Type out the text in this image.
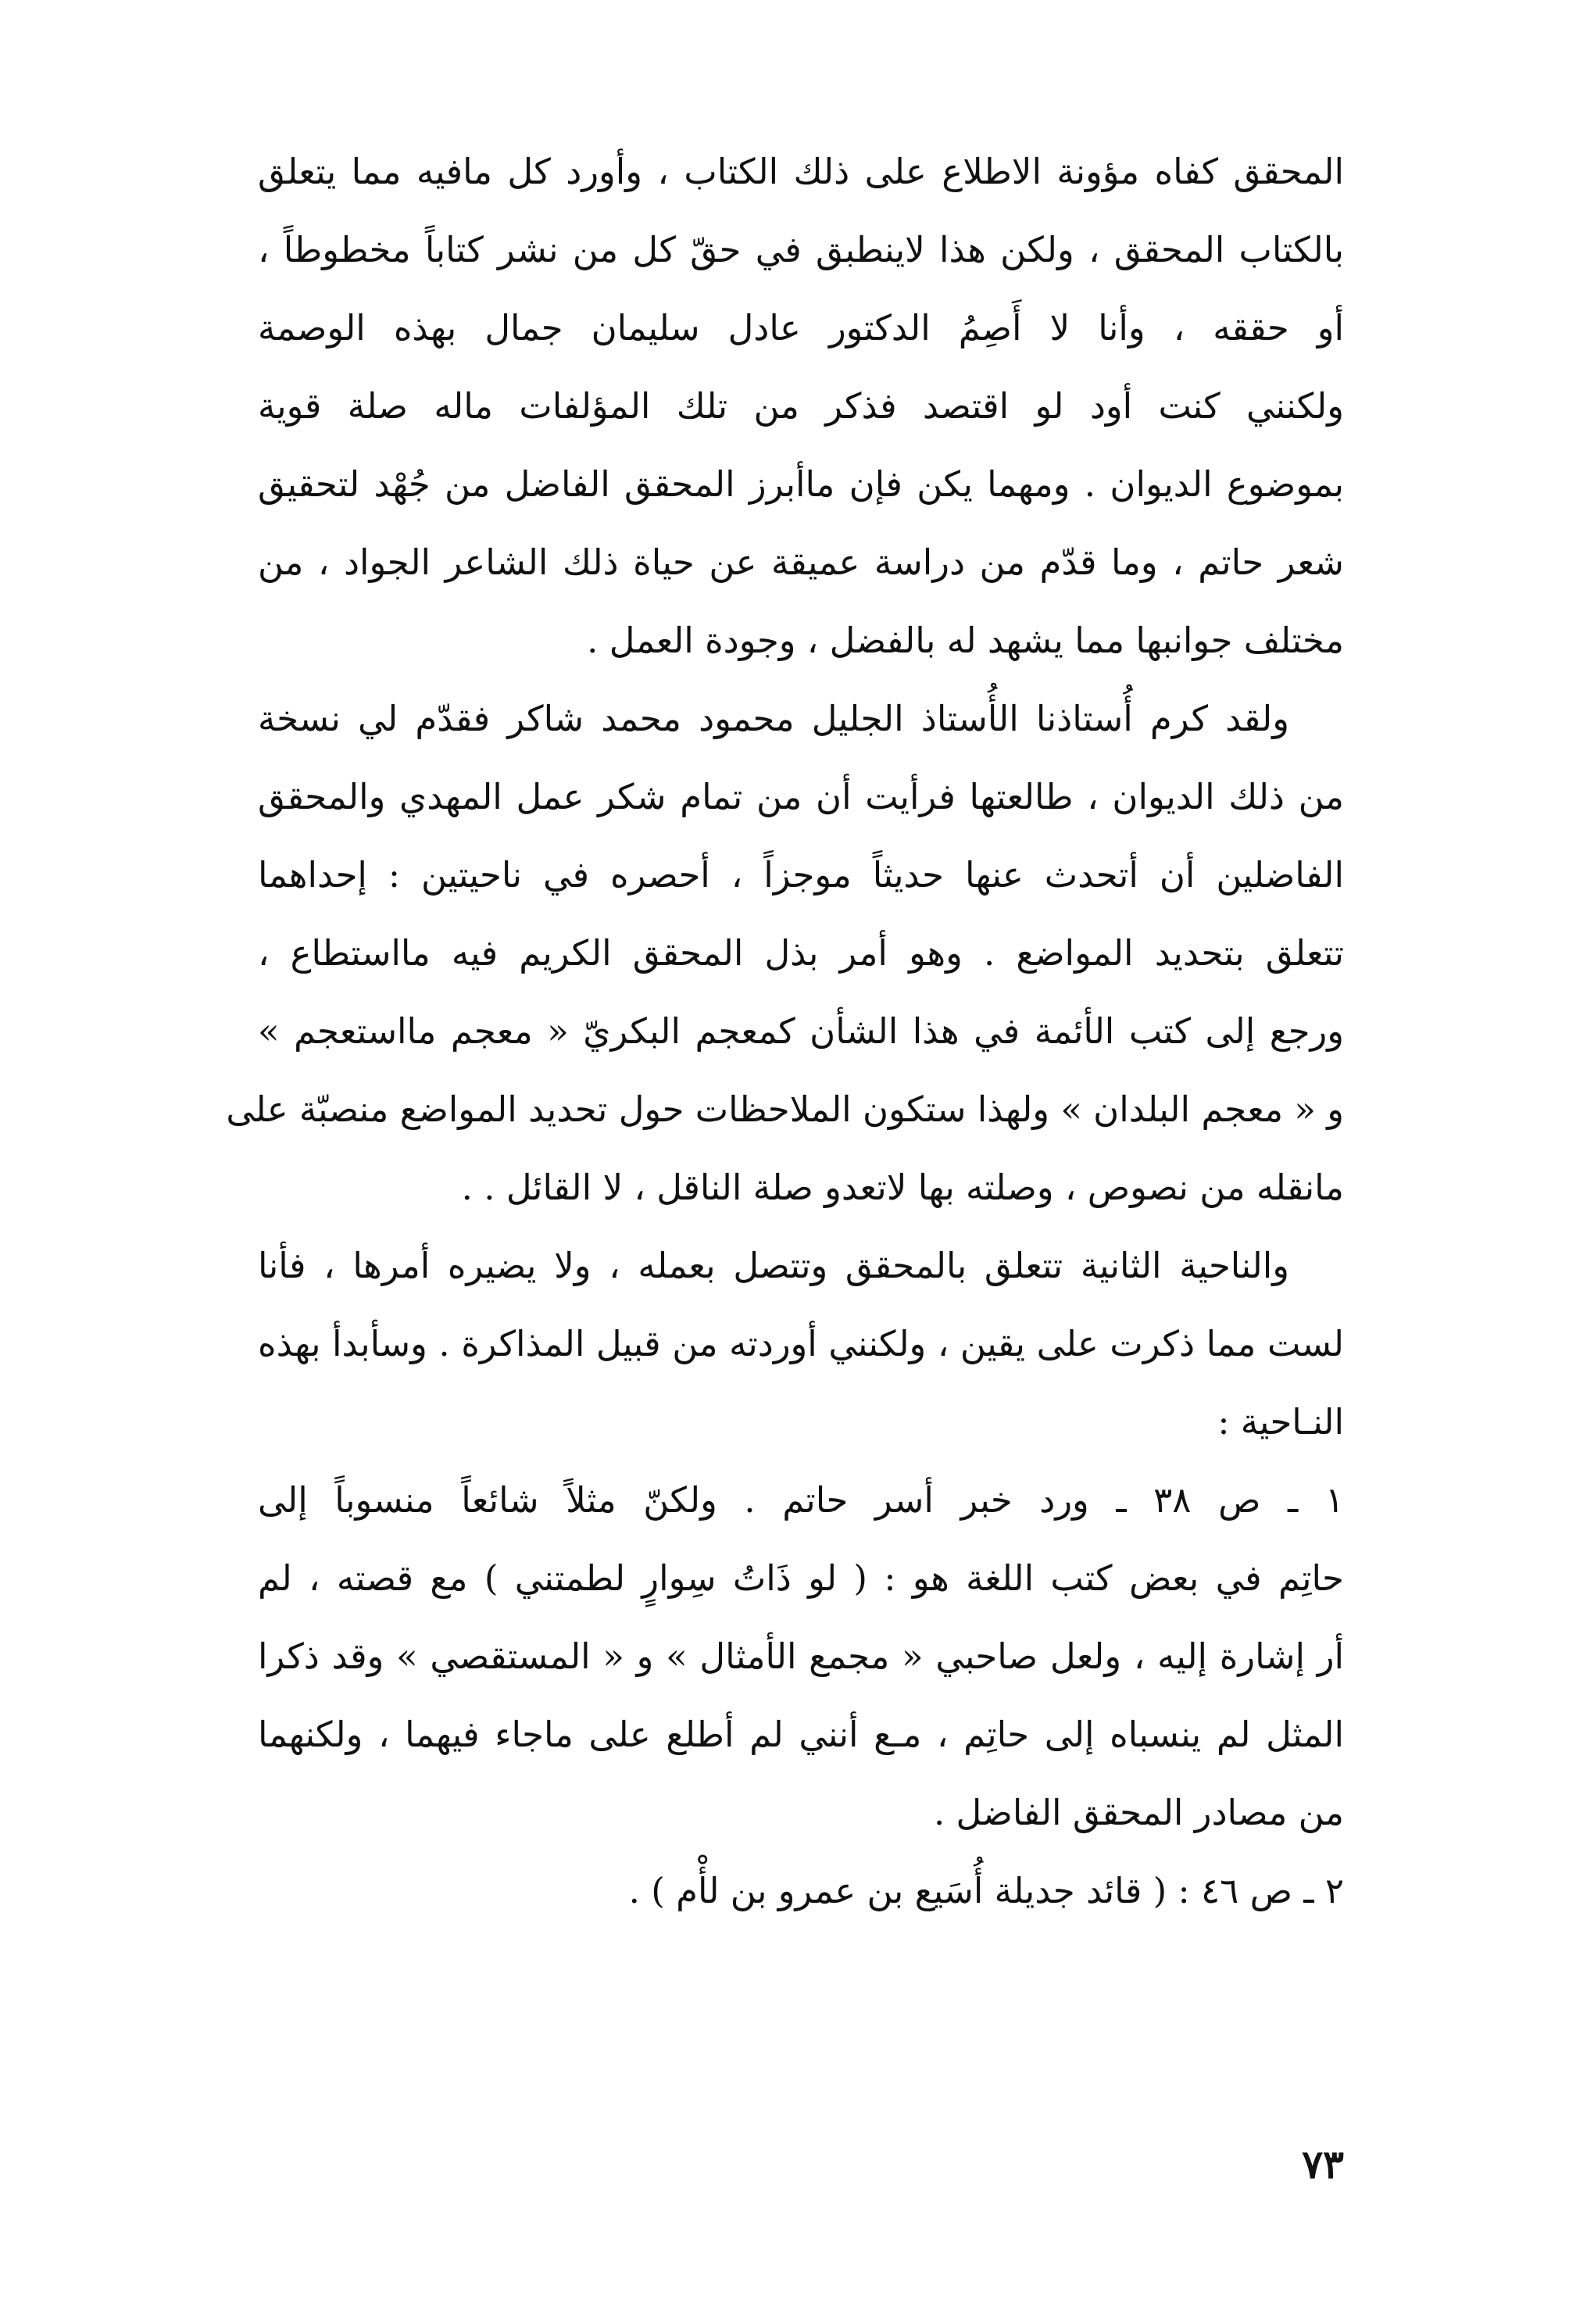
المحقق كفاه مؤونة الاطلاع على ذلك الكتاب ، وأورد كل مافيه مما يتعلق
بالكتاب المحقق ، ولكن هذا لاينطبق في حقّ كل من نشر كتاباً مخطوطاً ،
أو حققه ، وأنا لا أَصِمُ الدكتور عادل سليمان جمال بهذه الوصمة
ولكنني كنت أود لو اقتصد فذكر من تلك المؤلفات ماله صلة قوية
بموضوع الديوان . ومهما يكن فإن ماأبرز المحقق الفاضل من جُهْد لتحقيق
شعر حاتم ، وما قدّم من دراسة عميقة عن حياة ذلك الشاعر الجواد ، من
مختلف جوانبها مما يشهد له بالفضل ، وجودة العمل .
ولقد كرم أُستاذنا الأُستاذ الجليل محمود محمد شاكر فقدّم لي نسخة
من ذلك الديوان ، طالعتها فرأيت أن من تمام شكر عمل المهدي والمحقق
الفاضلين أن أتحدث عنها حديثاً موجزاً ، أحصره في ناحيتين : إحداهما
تتعلق بتحديد المواضع . وهو أمر بذل المحقق الكريم فيه مااستطاع ،
ورجع إلى كتب الأئمة في هذا الشأن كمعجم البكريّ « معجم مااستعجم »
و « معجم البلدان » ولهذا ستكون الملاحظات حول تحديد المواضع منصبّة على
مانقله من نصوص ، وصلته بها لاتعدو صلة الناقل ، لا القائل . .
والناحية الثانية تتعلق بالمحقق وتتصل بعمله ، ولا يضيره أمرها ، فأنا
لست مما ذكرت على يقين ، ولكنني أوردته من قبيل المذاكرة . وسأبدأ بهذه
النـاحية :
١ ـ ص ٣٨ ـ ورد خبر أسر حاتم . ولكنّ مثلاً شائعاً منسوباً إلى
حاتِم في بعض كتب اللغة هو : ( لو ذَاتُ سِوارٍ لطمتني ) مع قصته ، لم
أر إشارة إليه ، ولعل صاحبي « مجمع الأمثال » و « المستقصي » وقد ذكرا
المثل لم ينسباه إلى حاتِم ، مـع أنني لم أطلع على ماجاء فيهما ، ولكنهما
من مصادر المحقق الفاضل .
٢ ـ ص ٤٦ : ( قائد جديلة أُسَيع بن عمرو بن لأْم ) .
٧٣
